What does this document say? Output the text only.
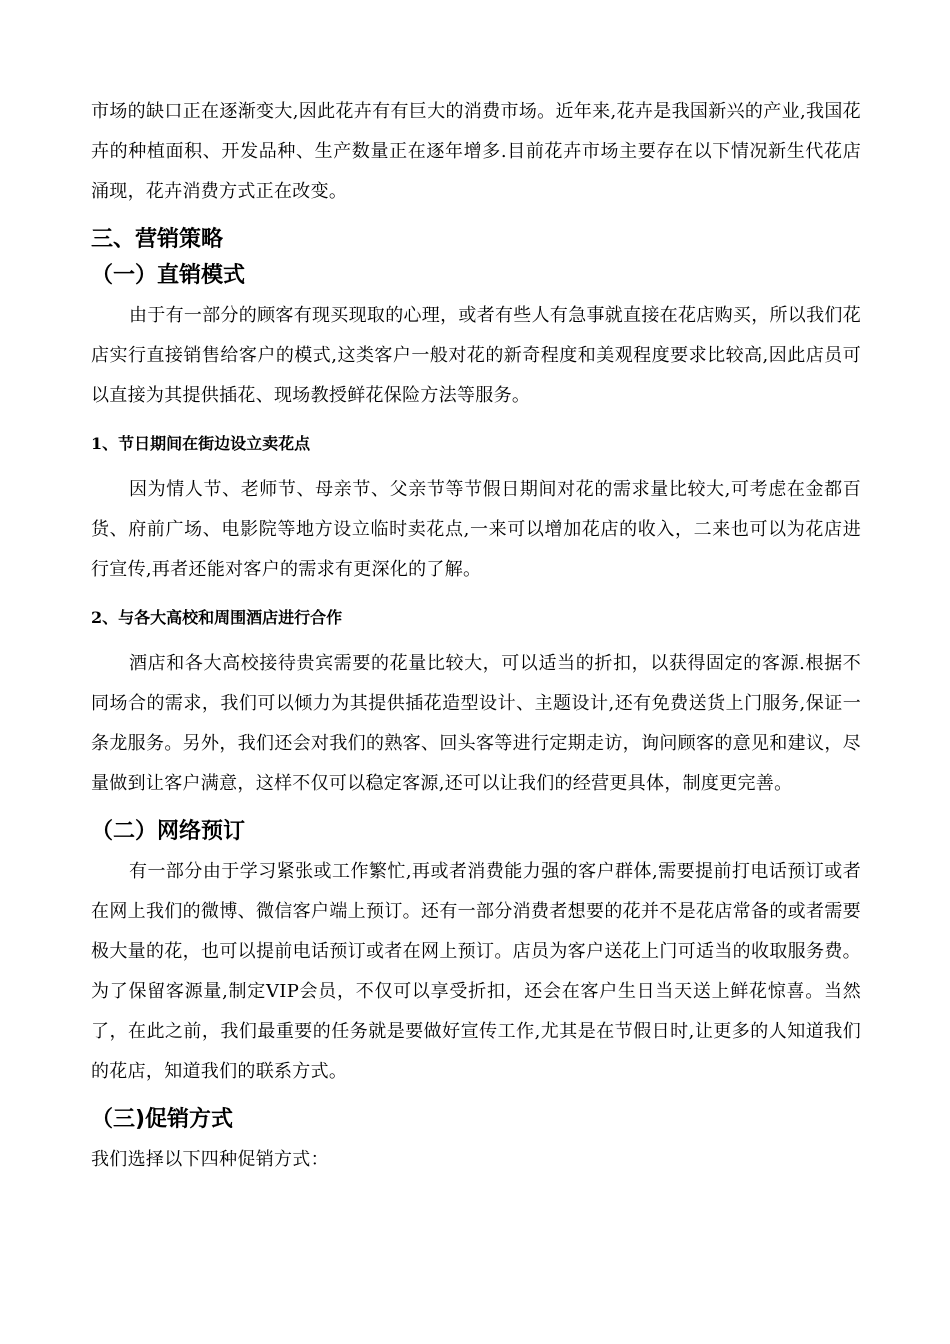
市场的缺口正在逐渐变大,因此花卉有有巨大的消费市场。近年来,花卉是我国新兴的产业,我国花卉的种植面积、开发品种、生产数量正在逐年增多.目前花卉市场主要存在以下情况新生代花店涌现，花卉消费方式正在改变。

三、营销策略
（一）直销模式

由于有一部分的顾客有现买现取的心理，或者有些人有急事就直接在花店购买，所以我们花店实行直接销售给客户的模式,这类客户一般对花的新奇程度和美观程度要求比较高,因此店员可以直接为其提供插花、现场教授鲜花保险方法等服务。

1、节日期间在街边设立卖花点

因为情人节、老师节、母亲节、父亲节等节假日期间对花的需求量比较大,可考虑在金都百货、府前广场、电影院等地方设立临时卖花点,一来可以增加花店的收入，二来也可以为花店进行宣传,再者还能对客户的需求有更深化的了解。

2、与各大高校和周围酒店进行合作

酒店和各大高校接待贵宾需要的花量比较大，可以适当的折扣，以获得固定的客源.根据不同场合的需求，我们可以倾力为其提供插花造型设计、主题设计,还有免费送货上门服务,保证一条龙服务。另外，我们还会对我们的熟客、回头客等进行定期走访，询问顾客的意见和建议，尽量做到让客户满意，这样不仅可以稳定客源,还可以让我们的经营更具体，制度更完善。

（二）网络预订

有一部分由于学习紧张或工作繁忙,再或者消费能力强的客户群体,需要提前打电话预订或者在网上我们的微博、微信客户端上预订。还有一部分消费者想要的花并不是花店常备的或者需要极大量的花，也可以提前电话预订或者在网上预订。店员为客户送花上门可适当的收取服务费。为了保留客源量,制定VIP会员，不仅可以享受折扣，还会在客户生日当天送上鲜花惊喜。当然了，在此之前，我们最重要的任务就是要做好宣传工作,尤其是在节假日时,让更多的人知道我们的花店，知道我们的联系方式。

（三)促销方式

我们选择以下四种促销方式：
